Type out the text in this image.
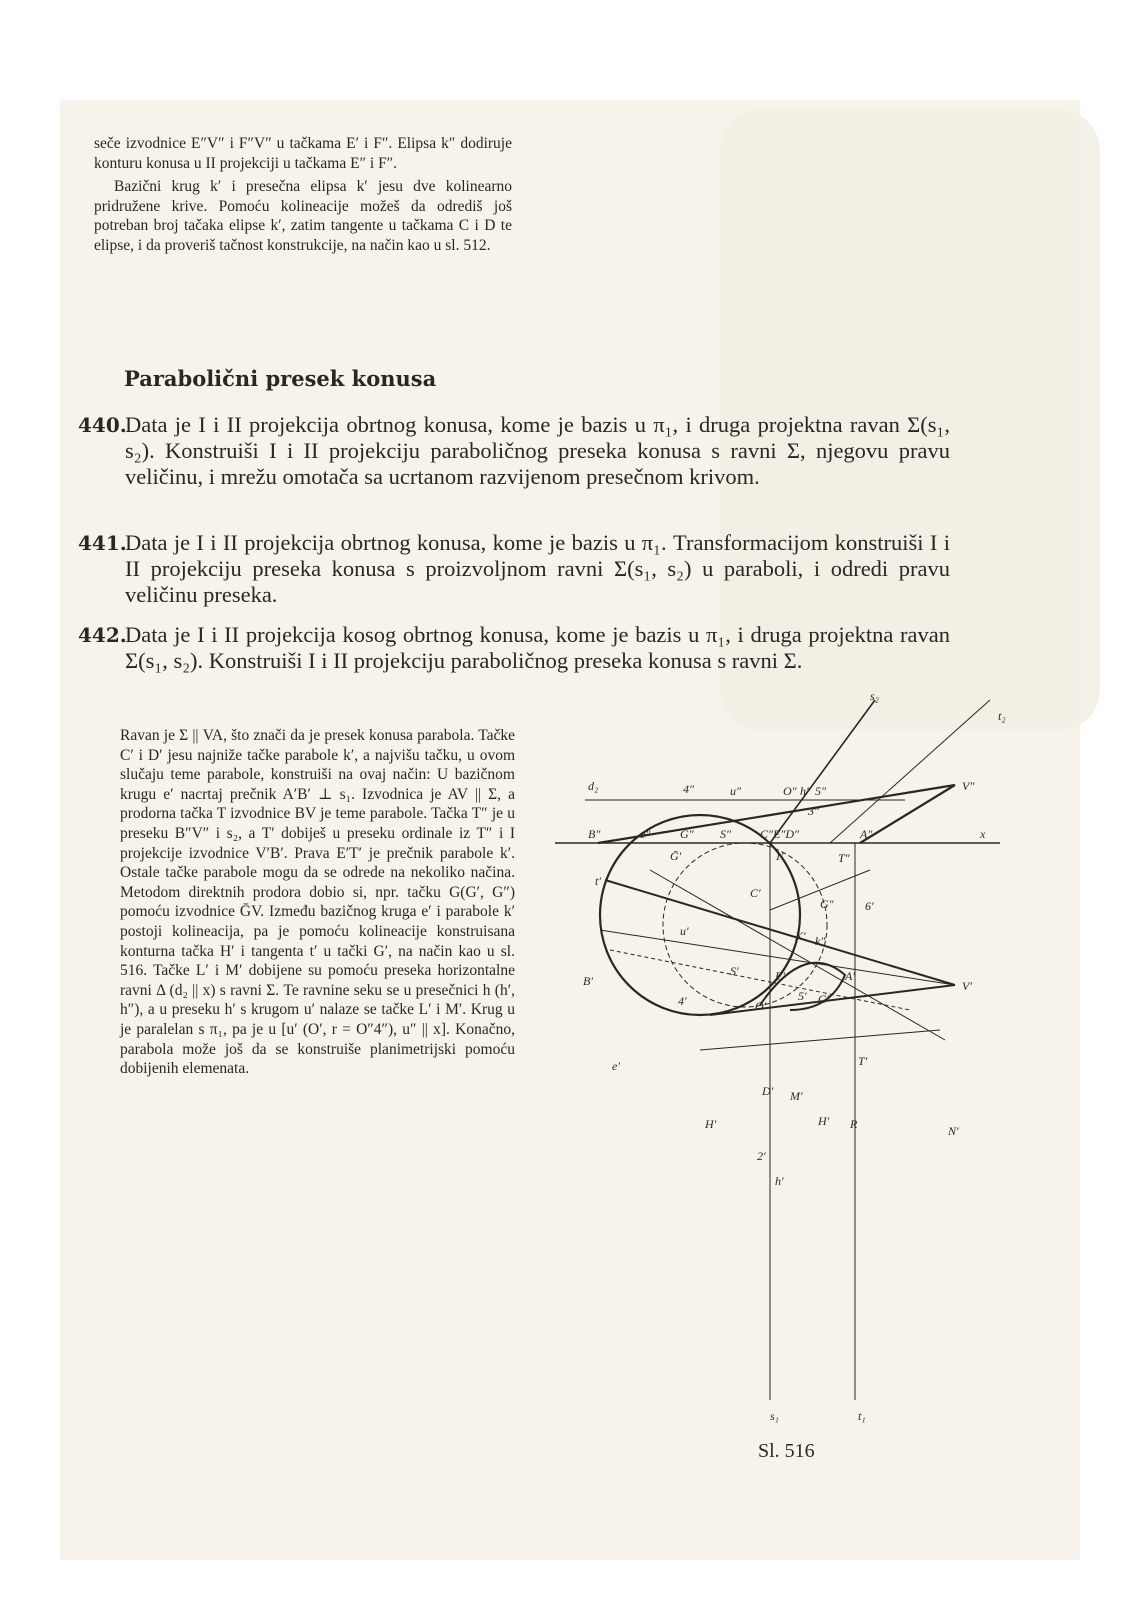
seče izvodnice E″V″ i F″V″ u tačkama E′ i F″. Elipsa k″ dodiruje konturu konusa u II projekciji u tačkama E″ i F″.

Bazični krug k′ i presečna elipsa k′ jesu dve kolinearno pridružene krive. Pomoću kolineacije možeš da odrediš još potreban broj tačaka elipse k′, zatim tangente u tačkama C i D te elipse, i da proveriš tačnost konstrukcije, na način kao u sl. 512.

Parabolični presek konusa
440.
Data je I i II projekcija obrtnog konusa, kome je bazis u π₁, i druga projektna ravan Σ(s₁, s₂). Konstruiši I i II projekciju paraboličnog preseka konusa s ravni Σ, njegovu pravu veličinu, i mrežu omotača sa ucrtanom razvijenom presečnom krivom.
441.
Data je I i II projekcija obrtnog konusa, kome je bazis u π₁. Transformacijom konstruiši I i II projekciju preseka konusa s proizvoljnom ravni Σ(s₁, s₂) u paraboli, i odredi pravu veličinu preseka.
442.
Data je I i II projekcija kosog obrtnog konusa, kome je bazis u π₁, i druga projektna ravan Σ(s₁, s₂). Konstruiši I i II projekciju paraboličnog preseka konusa s ravni Σ.

Ravan je Σ || VA, što znači da je presek konusa parabola. Tačke C′ i D′ jesu najniže tačke parabole k′, a najvišu tačku, u ovom slučaju teme parabole, konstruiši na ovaj način: U bazičnom krugu e′ nacrtaj prečnik A′B′ ⊥ s₁. Izvodnica je AV || Σ, a prodorna tačka T izvodnice BV je teme parabole. Tačka T″ je u preseku B″V″ i s₂, a T′ dobiješ u preseku ordinale iz T″ i I projekcije izvodnice V′B′. Prava E′T′ je prečnik parabole k′. Ostale tačke parabole mogu da se odrede na nekoliko načina. Metodom direktnih prodora dobio si, npr. tačku G(G′, G″) pomoću izvodnice ḠV. Između bazičnog kruga e′ i parabole k′ postoji kolineacija, pa je pomoću kolineacije konstruisana konturna tačka H′ i tangenta t′ u tački G′, na način kao u sl. 516. Tačke L′ i M′ dobijene su pomoću preseka horizontalne ravni Δ (d₂ || x) s ravni Σ. Te ravnine seku se u presečnici h (h′, h″), a u preseku h′ s krugom u′ nalaze se tačke L′ i M′. Krug u je paralelan s π₁, pa je u [u′ (O′, r = O″4″), u″ || x]. Konačno, parabola može još da se konstruiše planimetrijski pomoću dobijenih elemenata.

t₂
s₂
V″
T″
G″
k″
d₂	4″	u″	O″ h″ 5″
3″
B″	e″ Ḡ″ S″ C″E″D″	A″	x
1′
t′
Ḡ′
C′
6′
u′	K′
B′
S′	E′
5′
4′	O′	G′
A′
e′
D′ M′
T′
V′
H′	H′ R	N′
2′
h′
s₁	t₁
Sl. 516
